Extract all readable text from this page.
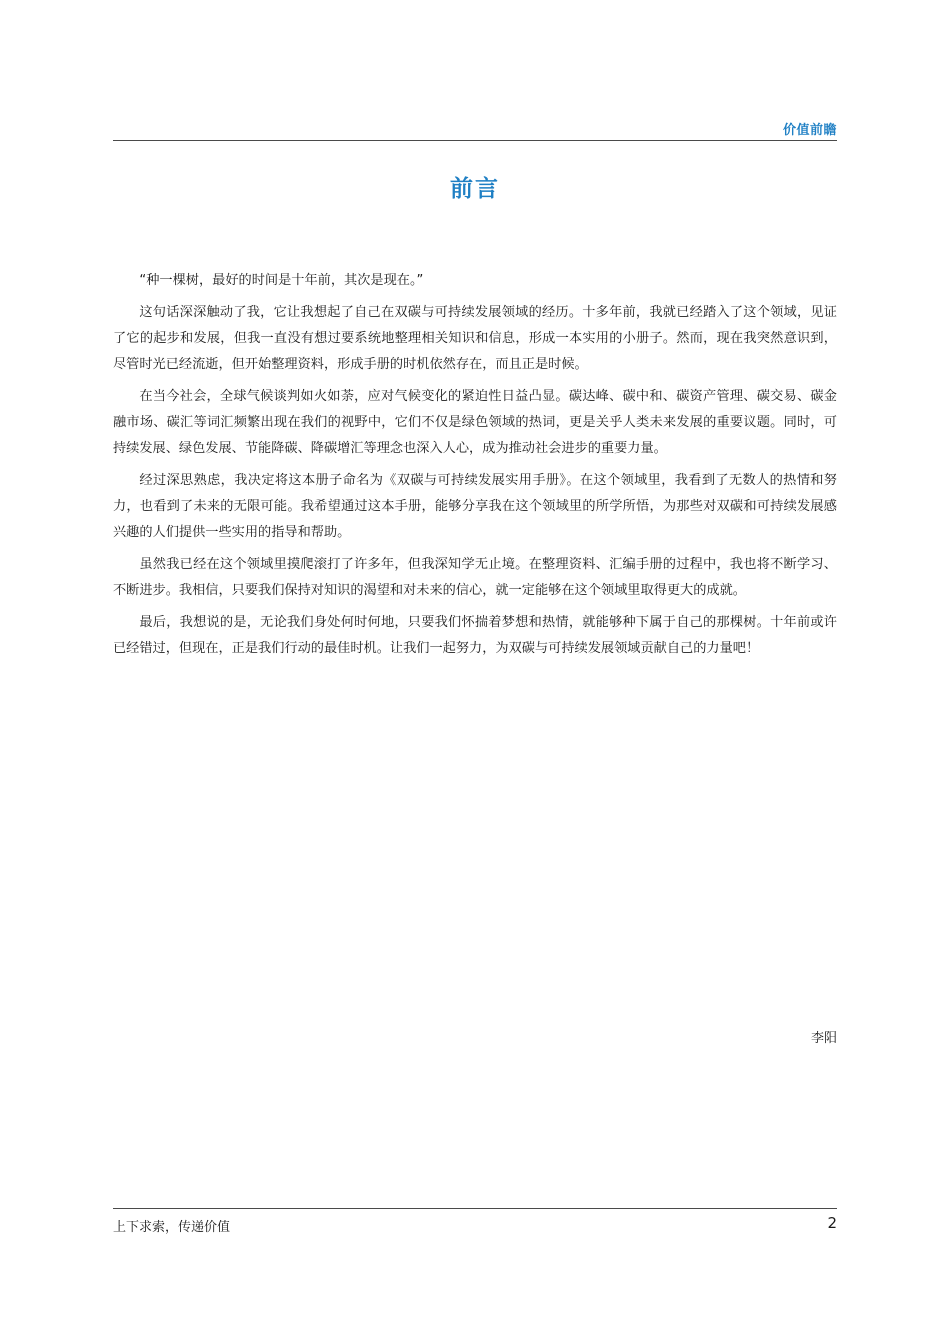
价值前瞻
前言

“种一棵树，最好的时间是十年前，其次是现在。”

这句话深深触动了我，它让我想起了自己在双碳与可持续发展领域的经历。十多年前，我就已经踏入了这个领域，见证了它的起步和发展，但我一直没有想过要系统地整理相关知识和信息，形成一本实用的小册子。然而，现在我突然意识到，尽管时光已经流逝，但开始整理资料，形成手册的时机依然存在，而且正是时候。

在当今社会，全球气候谈判如火如荼，应对气候变化的紧迫性日益凸显。碳达峰、碳中和、碳资产管理、碳交易、碳金融市场、碳汇等词汇频繁出现在我们的视野中，它们不仅是绿色领域的热词，更是关乎人类未来发展的重要议题。同时，可持续发展、绿色发展、节能降碳、降碳增汇等理念也深入人心，成为推动社会进步的重要力量。

经过深思熟虑，我决定将这本册子命名为《双碳与可持续发展实用手册》。在这个领域里，我看到了无数人的热情和努力，也看到了未来的无限可能。我希望通过这本手册，能够分享我在这个领域里的所学所悟，为那些对双碳和可持续发展感兴趣的人们提供一些实用的指导和帮助。

虽然我已经在这个领域里摸爬滚打了许多年，但我深知学无止境。在整理资料、汇编手册的过程中，我也将不断学习、不断进步。我相信，只要我们保持对知识的渴望和对未来的信心，就一定能够在这个领域里取得更大的成就。

最后，我想说的是，无论我们身处何时何地，只要我们怀揣着梦想和热情，就能够种下属于自己的那棵树。十年前或许已经错过，但现在，正是我们行动的最佳时机。让我们一起努力，为双碳与可持续发展领域贡献自己的力量吧！

李阳
上下求索，传递价值	2
